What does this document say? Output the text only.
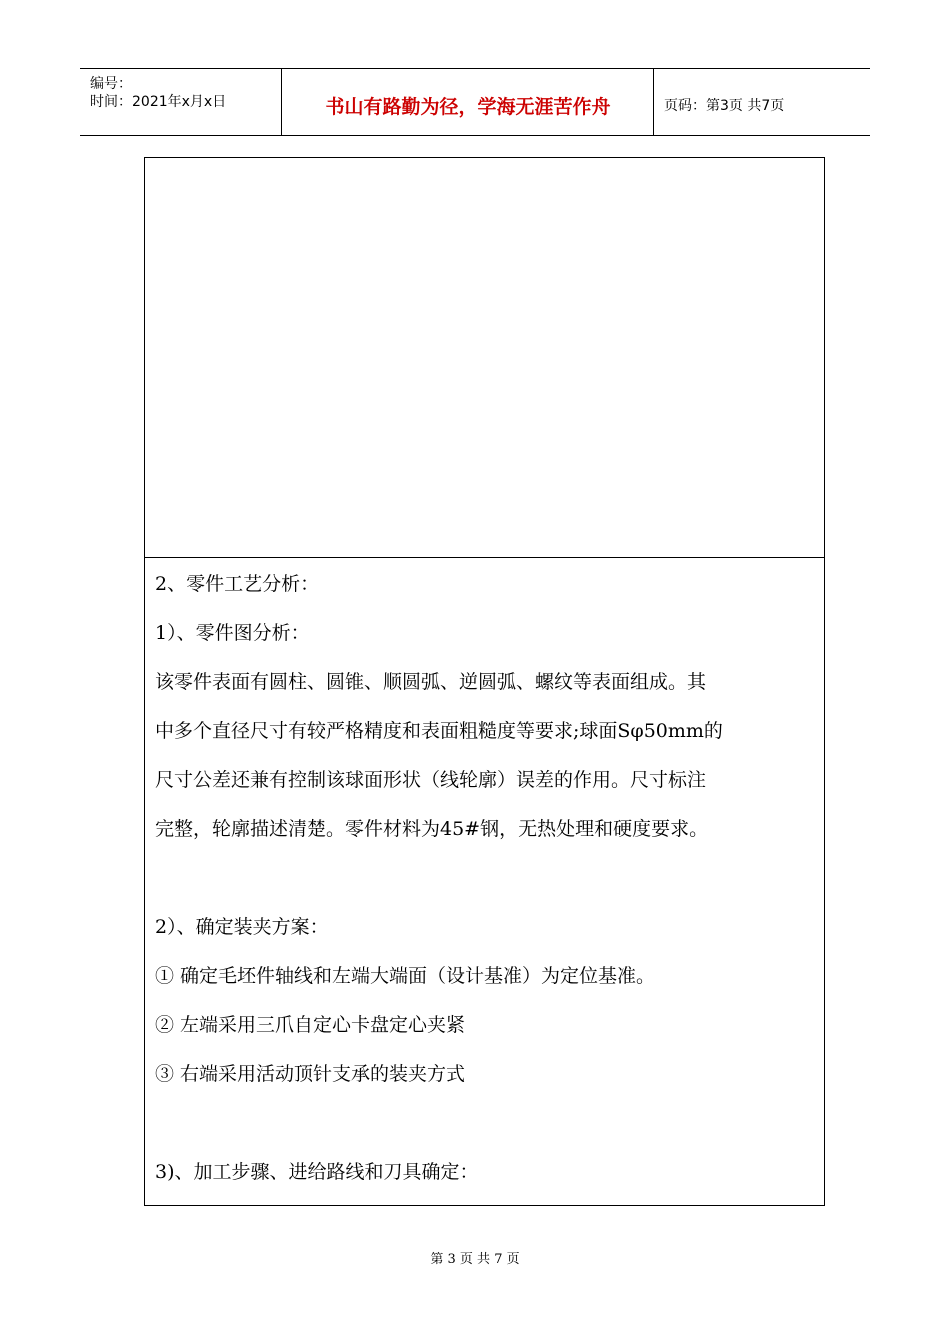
编号：
时间：2021年x月x日	书山有路勤为径，学海无涯苦作舟	页码：第3页 共7页

2、零件工艺分析：

1）、零件图分析：

该零件表面有圆柱、圆锥、顺圆弧、逆圆弧、螺纹等表面组成。其

中多个直径尺寸有较严格精度和表面粗糙度等要求;球面Sφ50mm的

尺寸公差还兼有控制该球面形状（线轮廓）误差的作用。尺寸标注

完整，轮廓描述清楚。零件材料为45#钢，无热处理和硬度要求。

2）、确定装夹方案：

① 确定毛坯件轴线和左端大端面（设计基准）为定位基准。

② 左端采用三爪自定心卡盘定心夹紧

③ 右端采用活动顶针支承的装夹方式

3)、加工步骤、进给路线和刀具确定：

第 3 页 共 7 页
